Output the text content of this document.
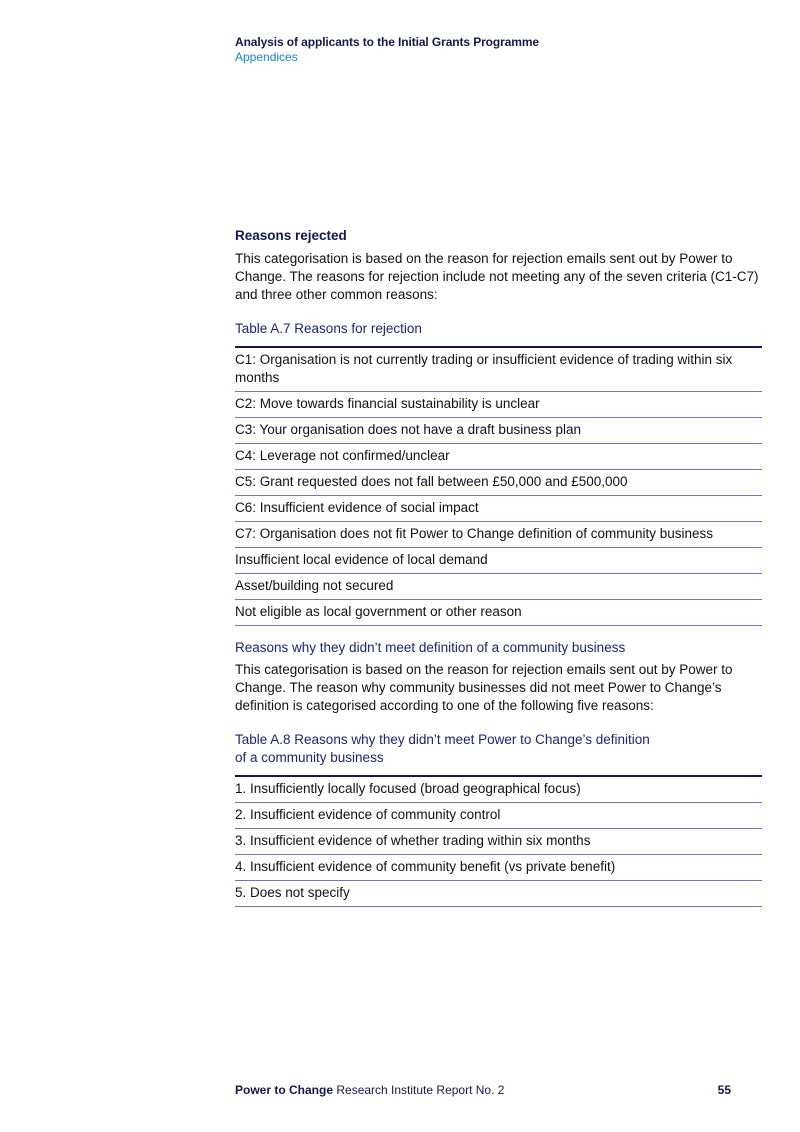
Analysis of applicants to the Initial Grants Programme
Appendices
Reasons rejected

This categorisation is based on the reason for rejection emails sent out by Power to Change. The reasons for rejection include not meeting any of the seven criteria (C1-C7) and three other common reasons:

Table A.7 Reasons for rejection
C1: Organisation is not currently trading or insufficient evidence of trading within six months
C2: Move towards financial sustainability is unclear
C3: Your organisation does not have a draft business plan
C4: Leverage not confirmed/unclear
C5: Grant requested does not fall between £50,000 and £500,000
C6: Insufficient evidence of social impact
C7: Organisation does not fit Power to Change definition of community business
Insufficient local evidence of local demand
Asset/building not secured
Not eligible as local government or other reason
Reasons why they didn’t meet definition of a community business

This categorisation is based on the reason for rejection emails sent out by Power to Change. The reason why community businesses did not meet Power to Change’s definition is categorised according to one of the following five reasons:

Table A.8 Reasons why they didn’t meet Power to Change’s definition
of a community business
1. Insufficiently locally focused (broad geographical focus)
2. Insufficient evidence of community control
3. Insufficient evidence of whether trading within six months
4. Insufficient evidence of community benefit (vs private benefit)
5. Does not specify
Power to Change Research Institute Report No. 2	55
